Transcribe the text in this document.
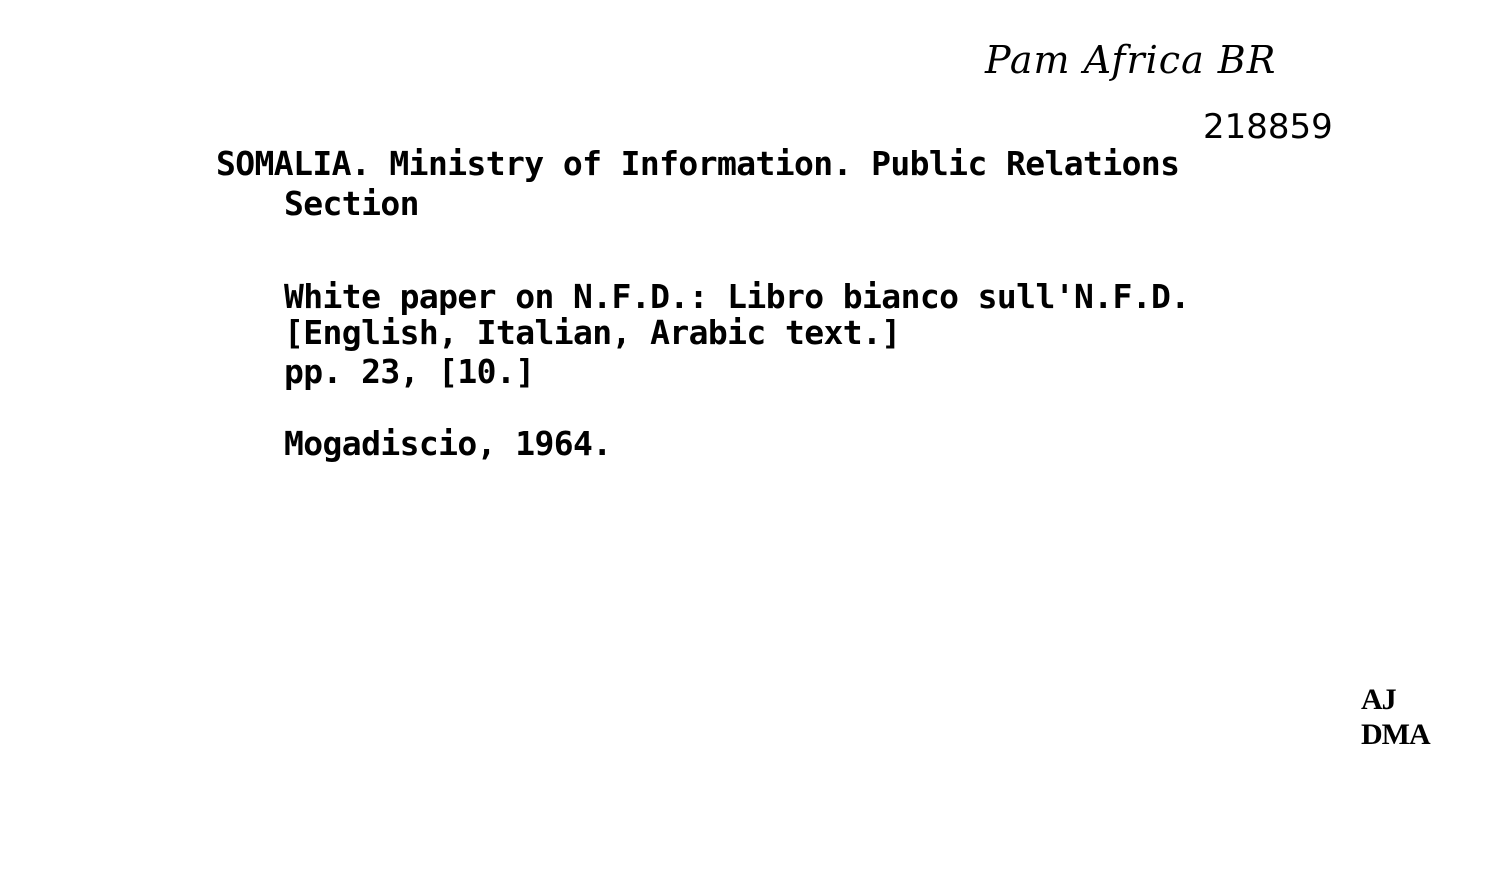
Pam Africa BR
218859
SOMALIA. Ministry of Information. Public Relations
Section
White paper on N.F.D.: Libro bianco sull'N.F.D.
[English, Italian, Arabic text.]
pp. 23, [10.]
Mogadiscio, 1964.
AJ
DMA
